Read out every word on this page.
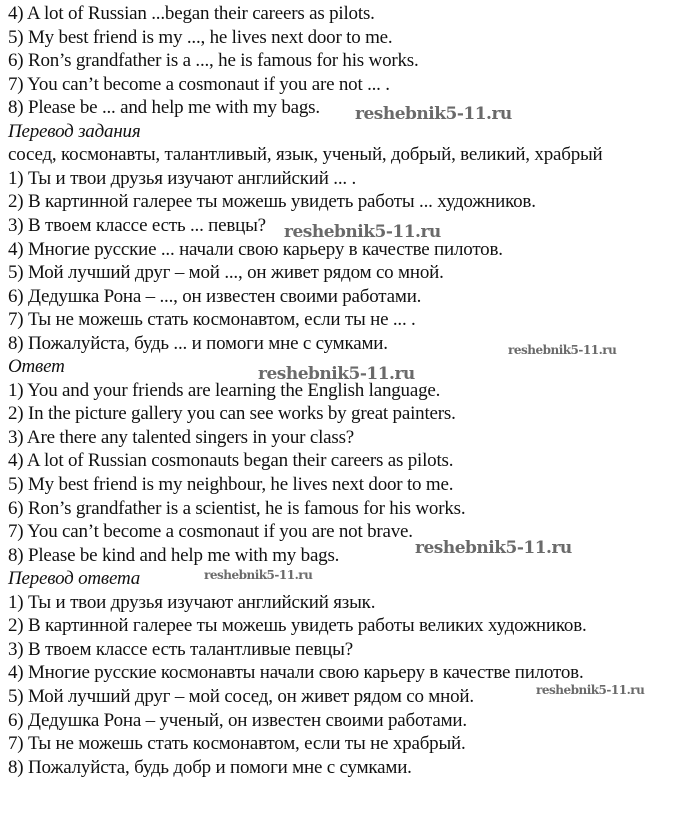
4) A lot of Russian ...began their careers as pilots.
5) My best friend is my ..., he lives next door to me.
6) Ron’s grandfather is a ..., he is famous for his works.
7) You can’t become a cosmonaut if you are not ... .
8) Please be ... and help me with my bags.
Перевод задания
сосед, космонавты, талантливый, язык, ученый, добрый, великий, храбрый
1) Ты и твои друзья изучают английский ... .
2) В картинной галерее ты можешь увидеть работы ... художников.
3) В твоем классе есть ... певцы?
4) Многие русские ... начали свою карьеру в качестве пилотов.
5) Мой лучший друг – мой ..., он живет рядом со мной.
6) Дедушка Рона – ..., он известен своими работами.
7) Ты не можешь стать космонавтом, если ты не ... .
8) Пожалуйста, будь ... и помоги мне с сумками.
Ответ
1) You and your friends are learning the English language.
2) In the picture gallery you can see works by great painters.
3) Are there any talented singers in your class?
4) A lot of Russian cosmonauts began their careers as pilots.
5) My best friend is my neighbour, he lives next door to me.
6) Ron’s grandfather is a scientist, he is famous for his works.
7) You can’t become a cosmonaut if you are not brave.
8) Please be kind and help me with my bags.
Перевод ответа
1) Ты и твои друзья изучают английский язык.
2) В картинной галерее ты можешь увидеть работы великих художников.
3) В твоем классе есть талантливые певцы?
4) Многие русские космонавты начали свою карьеру в качестве пилотов.
5) Мой лучший друг – мой сосед, он живет рядом со мной.
6) Дедушка Рона – ученый, он известен своими работами.
7) Ты не можешь стать космонавтом, если ты не храбрый.
8) Пожалуйста, будь добр и помоги мне с сумками.
reshebnik5-11.ru
reshebnik5-11.ru
reshebnik5-11.ru
reshebnik5-11.ru
reshebnik5-11.ru
reshebnik5-11.ru
reshebnik5-11.ru
